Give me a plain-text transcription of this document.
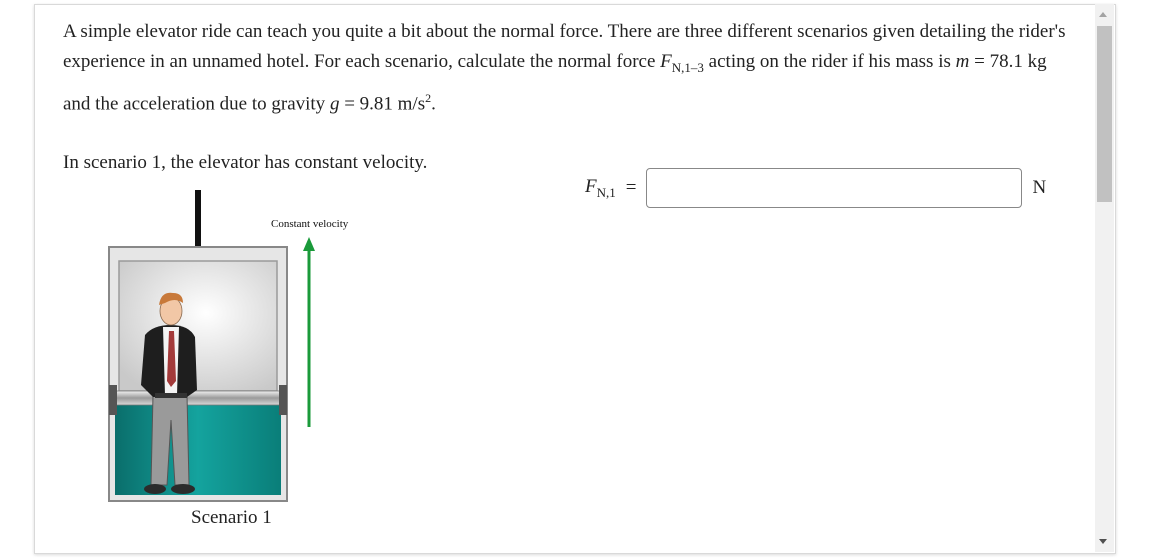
A simple elevator ride can teach you quite a bit about the normal force. There are three different scenarios given detailing the rider's experience in an unnamed hotel. For each scenario, calculate the normal force $F_{N,1-3}$ acting on the rider if his mass is m = 78.1 kg and the acceleration due to gravity g = 9.81 $m/s^2$.

In scenario 1, the elevator has constant velocity.

$F_{N,1}$ =	N
Constant velocity
Scenario 1
